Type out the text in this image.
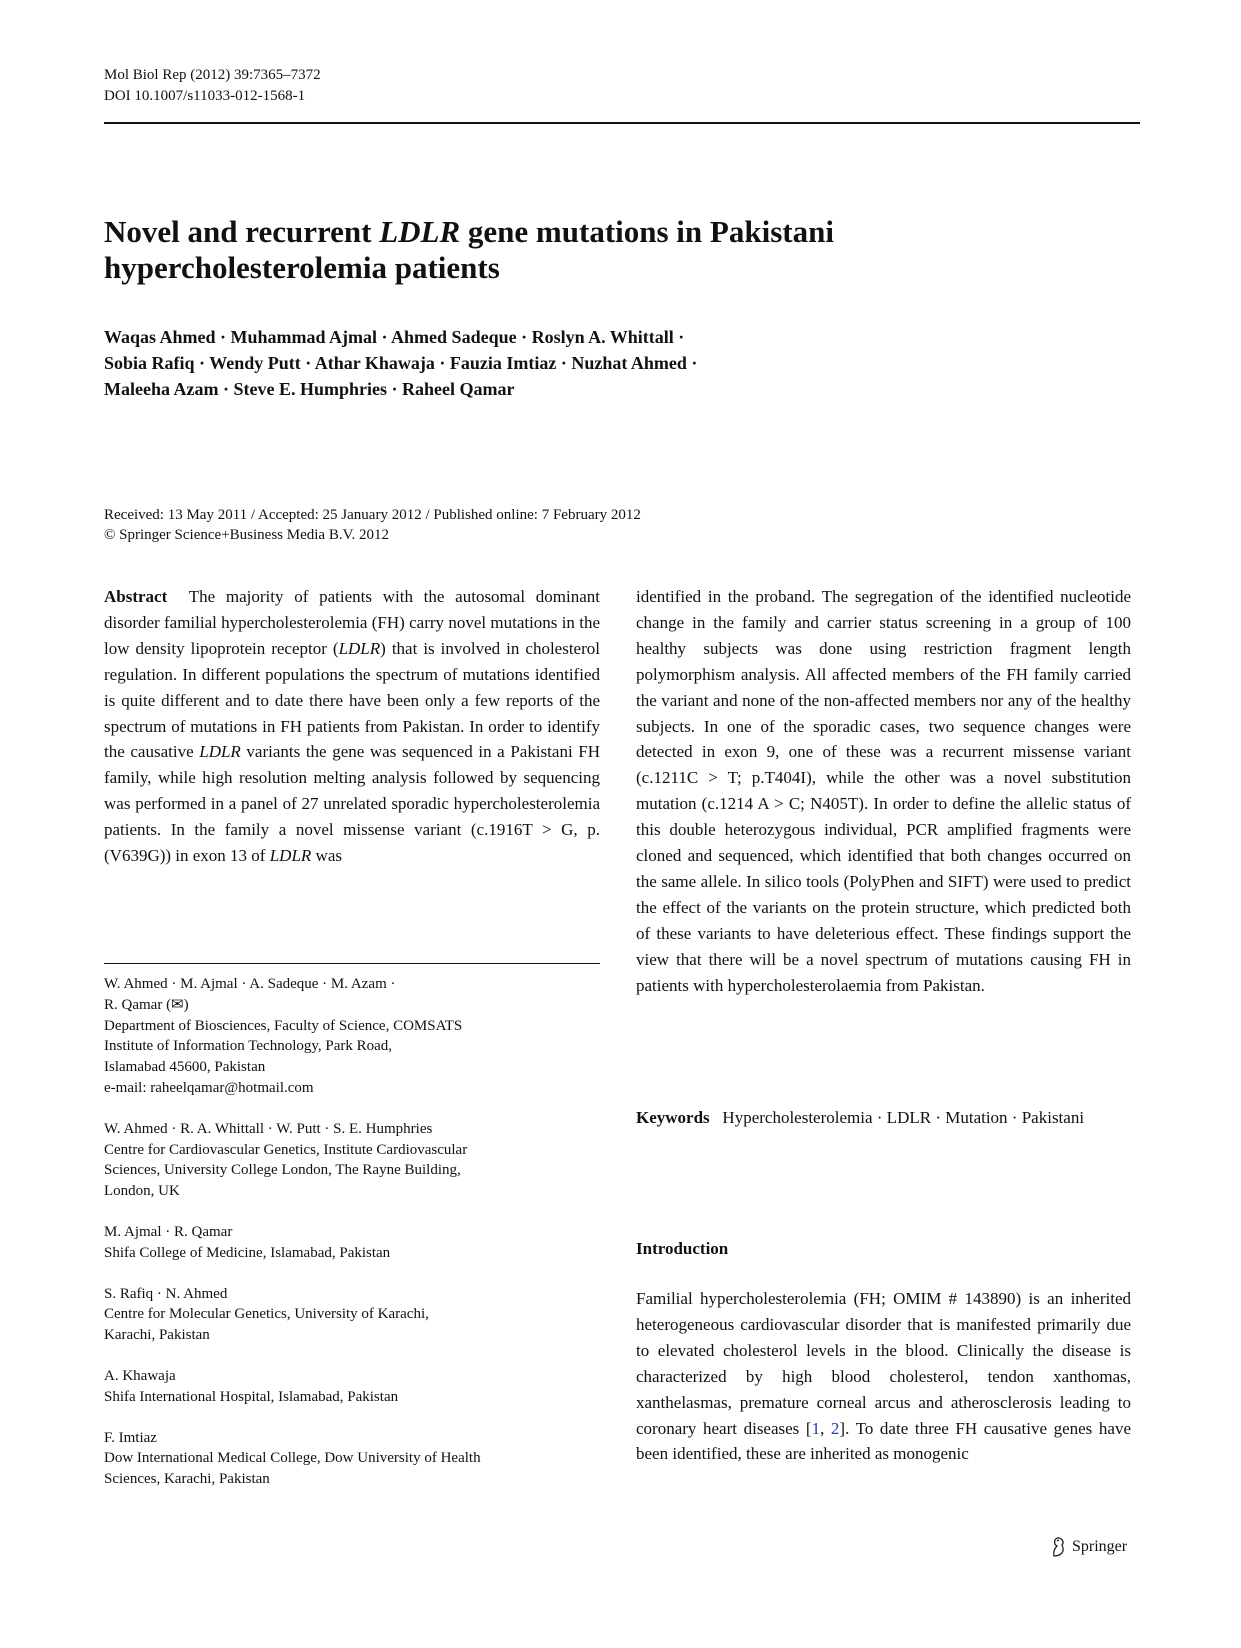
Mol Biol Rep (2012) 39:7365–7372
DOI 10.1007/s11033-012-1568-1
Novel and recurrent LDLR gene mutations in Pakistani hypercholesterolemia patients
Waqas Ahmed · Muhammad Ajmal · Ahmed Sadeque · Roslyn A. Whittall ·
Sobia Rafiq · Wendy Putt · Athar Khawaja · Fauzia Imtiaz · Nuzhat Ahmed ·
Maleeha Azam · Steve E. Humphries · Raheel Qamar
Received: 13 May 2011 / Accepted: 25 January 2012 / Published online: 7 February 2012
© Springer Science+Business Media B.V. 2012
Abstract The majority of patients with the autosomal dominant disorder familial hypercholesterolemia (FH) carry novel mutations in the low density lipoprotein receptor (LDLR) that is involved in cholesterol regulation. In different populations the spectrum of mutations identified is quite different and to date there have been only a few reports of the spectrum of mutations in FH patients from Pakistan. In order to identify the causative LDLR variants the gene was sequenced in a Pakistani FH family, while high resolution melting analysis followed by sequencing was performed in a panel of 27 unrelated sporadic hypercholesterolemia patients. In the family a novel missense variant (c.1916T > G, p.(V639G)) in exon 13 of LDLR was
W. Ahmed · M. Ajmal · A. Sadeque · M. Azam ·
R. Qamar (✉)
Department of Biosciences, Faculty of Science, COMSATS
Institute of Information Technology, Park Road,
Islamabad 45600, Pakistan
e-mail: raheelqamar@hotmail.com
W. Ahmed · R. A. Whittall · W. Putt · S. E. Humphries
Centre for Cardiovascular Genetics, Institute Cardiovascular
Sciences, University College London, The Rayne Building,
London, UK
M. Ajmal · R. Qamar
Shifa College of Medicine, Islamabad, Pakistan
S. Rafiq · N. Ahmed
Centre for Molecular Genetics, University of Karachi,
Karachi, Pakistan
A. Khawaja
Shifa International Hospital, Islamabad, Pakistan
F. Imtiaz
Dow International Medical College, Dow University of Health
Sciences, Karachi, Pakistan
identified in the proband. The segregation of the identified nucleotide change in the family and carrier status screening in a group of 100 healthy subjects was done using restriction fragment length polymorphism analysis. All affected members of the FH family carried the variant and none of the non-affected members nor any of the healthy subjects. In one of the sporadic cases, two sequence changes were detected in exon 9, one of these was a recurrent missense variant (c.1211C > T; p.T404I), while the other was a novel substitution mutation (c.1214 A > C; N405T). In order to define the allelic status of this double heterozygous individual, PCR amplified fragments were cloned and sequenced, which identified that both changes occurred on the same allele. In silico tools (PolyPhen and SIFT) were used to predict the effect of the variants on the protein structure, which predicted both of these variants to have deleterious effect. These findings support the view that there will be a novel spectrum of mutations causing FH in patients with hypercholesterolaemia from Pakistan.
Keywords Hypercholesterolemia · LDLR · Mutation · Pakistani
Introduction
Familial hypercholesterolemia (FH; OMIM # 143890) is an inherited heterogeneous cardiovascular disorder that is manifested primarily due to elevated cholesterol levels in the blood. Clinically the disease is characterized by high blood cholesterol, tendon xanthomas, xanthelasmas, premature corneal arcus and atherosclerosis leading to coronary heart diseases [1, 2]. To date three FH causative genes have been identified, these are inherited as monogenic
Springer
